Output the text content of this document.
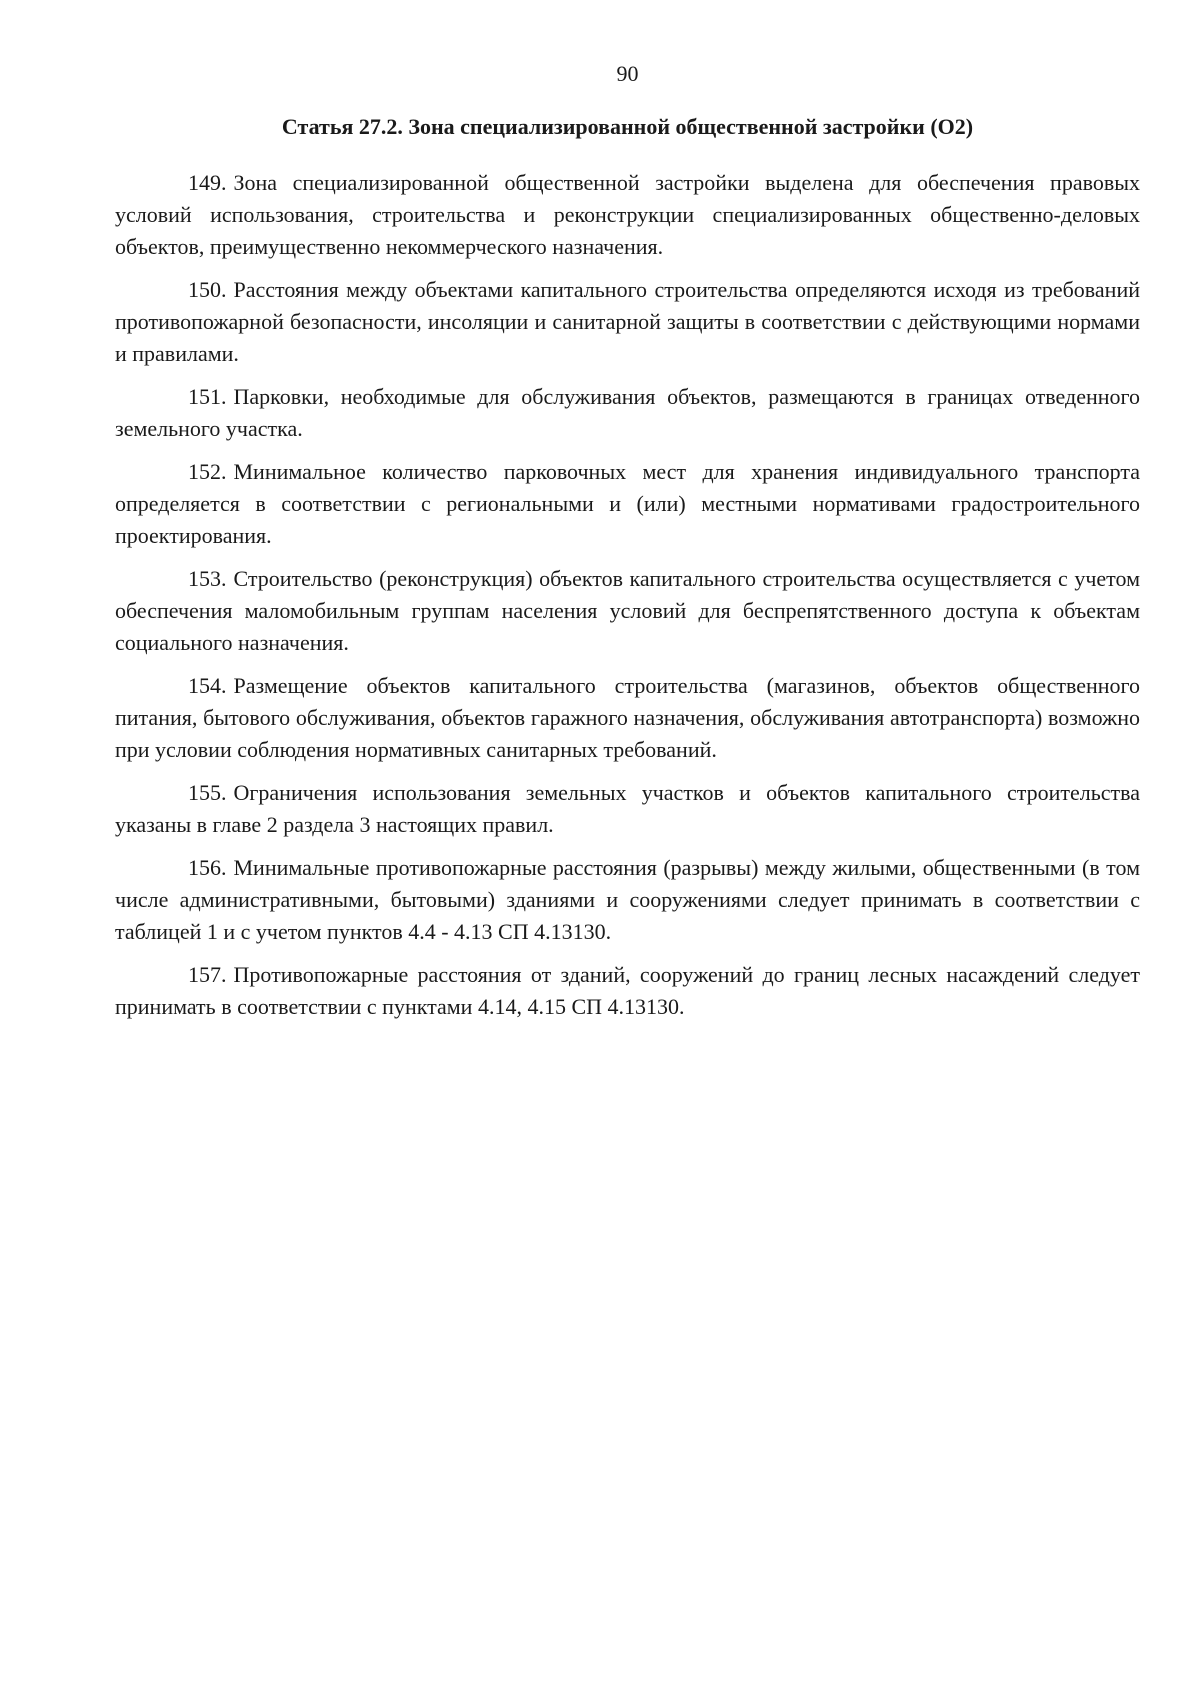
90
Статья 27.2. Зона специализированной общественной застройки (О2)

149. Зона специализированной общественной застройки выделена для обеспечения правовых условий использования, строительства и реконструкции специализированных общественно-деловых объектов, преимущественно некоммерческого назначения.

150. Расстояния между объектами капитального строительства определяются исходя из требований противопожарной безопасности, инсоляции и санитарной защиты в соответствии с действующими нормами и правилами.

151. Парковки, необходимые для обслуживания объектов, размещаются в границах отведенного земельного участка.

152. Минимальное количество парковочных мест для хранения индивидуального транспорта определяется в соответствии с региональными и (или) местными нормативами градостроительного проектирования.

153. Строительство (реконструкция) объектов капитального строительства осуществляется с учетом обеспечения маломобильным группам населения условий для беспрепятственного доступа к объектам социального назначения.

154. Размещение объектов капитального строительства (магазинов, объектов общественного питания, бытового обслуживания, объектов гаражного назначения, обслуживания автотранспорта) возможно при условии соблюдения нормативных санитарных требований.

155. Ограничения использования земельных участков и объектов капитального строительства указаны в главе 2 раздела 3 настоящих правил.

156. Минимальные противопожарные расстояния (разрывы) между жилыми, общественными (в том числе административными, бытовыми) зданиями и сооружениями следует принимать в соответствии с таблицей 1 и с учетом пунктов 4.4 - 4.13 СП 4.13130.

157. Противопожарные расстояния от зданий, сооружений до границ лесных насаждений следует принимать в соответствии с пунктами 4.14, 4.15 СП 4.13130.
